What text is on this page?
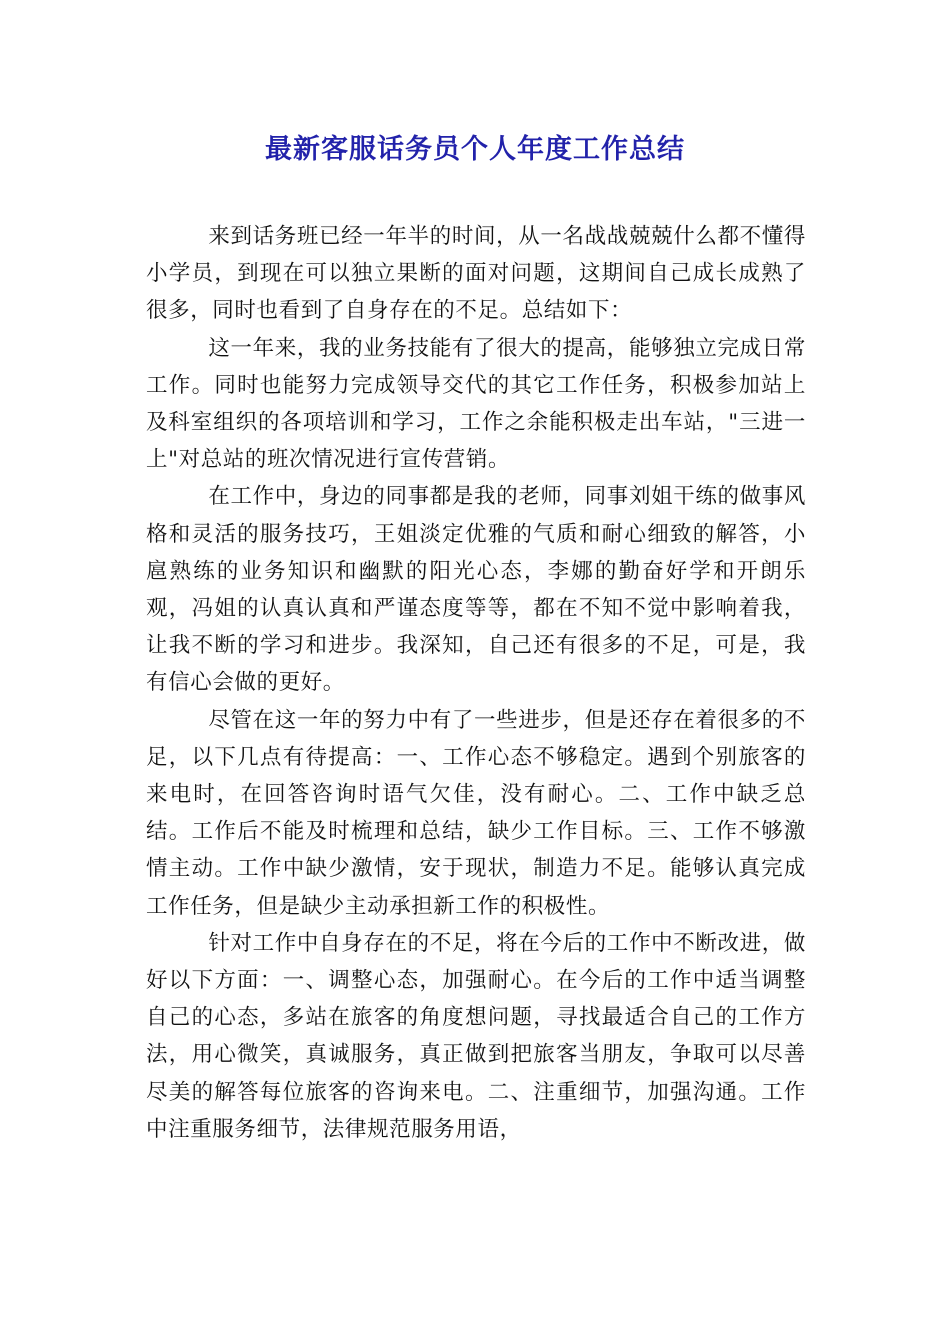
最新客服话务员个人年度工作总结

来到话务班已经一年半的时间，从一名战战兢兢什么都不懂得小学员，到现在可以独立果断的面对问题，这期间自己成长成熟了很多，同时也看到了自身存在的不足。总结如下：

这一年来，我的业务技能有了很大的提高，能够独立完成日常工作。同时也能努力完成领导交代的其它工作任务，积极参加站上及科室组织的各项培训和学习，工作之余能积极走出车站，"三进一上"对总站的班次情况进行宣传营销。

在工作中，身边的同事都是我的老师，同事刘姐干练的做事风格和灵活的服务技巧，王姐淡定优雅的气质和耐心细致的解答，小扈熟练的业务知识和幽默的阳光心态，李娜的勤奋好学和开朗乐观，冯姐的认真认真和严谨态度等等，都在不知不觉中影响着我，让我不断的学习和进步。我深知，自己还有很多的不足，可是，我有信心会做的更好。

尽管在这一年的努力中有了一些进步，但是还存在着很多的不足，以下几点有待提高：一、工作心态不够稳定。遇到个别旅客的来电时，在回答咨询时语气欠佳，没有耐心。二、工作中缺乏总结。工作后不能及时梳理和总结，缺少工作目标。三、工作不够激情主动。工作中缺少激情，安于现状，制造力不足。能够认真完成工作任务，但是缺少主动承担新工作的积极性。

针对工作中自身存在的不足，将在今后的工作中不断改进，做好以下方面：一、调整心态，加强耐心。在今后的工作中适当调整自己的心态，多站在旅客的角度想问题，寻找最适合自己的工作方法，用心微笑，真诚服务，真正做到把旅客当朋友，争取可以尽善尽美的解答每位旅客的咨询来电。二、注重细节，加强沟通。工作中注重服务细节，法律规范服务用语，
